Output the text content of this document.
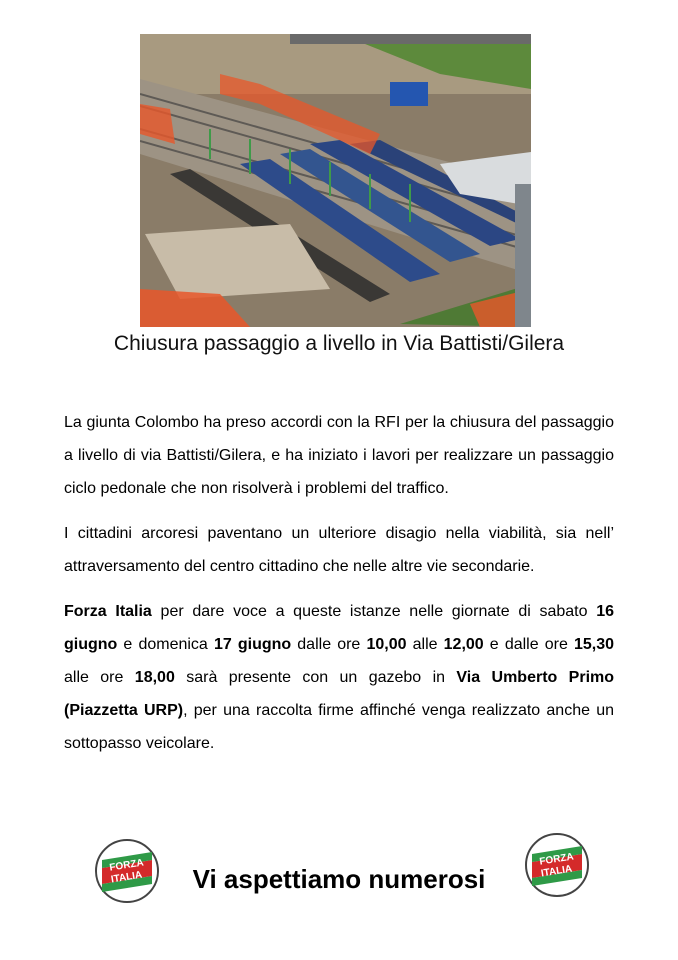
Chiusura passaggio a livello in Via Battisti/Gilera

La giunta Colombo ha preso accordi con la RFI per la chiusura del passaggio a livello di via Battisti/Gilera, e ha iniziato i lavori per realizzare un passaggio ciclo pedonale che non risolverà i problemi del traffico.

I cittadini arcoresi paventano un ulteriore disagio nella viabilità, sia nell’ attraversamento del centro cittadino che nelle altre vie secondarie.

Forza Italia per dare voce a queste istanze nelle giornate di sabato 16 giugno e domenica 17 giugno dalle ore 10,00 alle 12,00 e dalle ore 15,30 alle ore 18,00 sarà presente con un gazebo in Via Umberto Primo (Piazzetta URP), per una raccolta firme affinché venga realizzato anche un sottopasso veicolare.

FORZA
ITALIA	Vi aspettiamo numerosi
FORZA
ITALIA
